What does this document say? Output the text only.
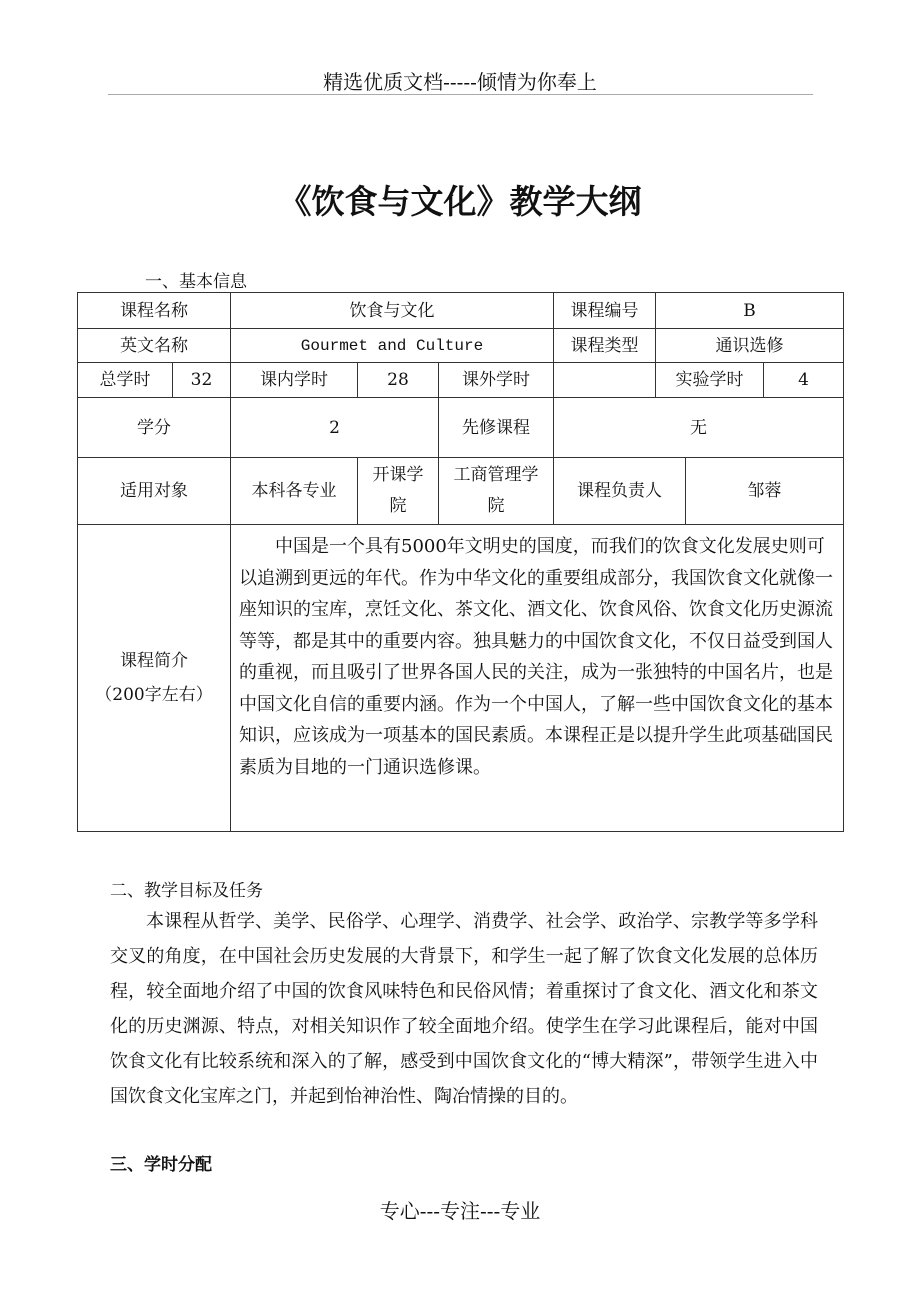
精选优质文档-----倾情为你奉上
《饮食与文化》教学大纲
一、基本信息
课程名称		饮食与文化			课程编号	B		
英文名称		Gourmet and Culture			课程类型	通识选修		
总学时	32	课内学时	28	课外学时		实验学时		4
学分		2		先修课程	无			
适用对象		本科各专业	开课学院	工商管理学院	课程负责人		邹蓉	

课程简介
（200字左右）		中国是一个具有5000年文明史的国度，而我们的饮食文化发展史则可以追溯到更远的年代。作为中华文化的重要组成部分，我国饮食文化就像一座知识的宝库，烹饪文化、茶文化、酒文化、饮食风俗、饮食文化历史源流等等，都是其中的重要内容。独具魅力的中国饮食文化，不仅日益受到国人的重视，而且吸引了世界各国人民的关注，成为一张独特的中国名片，也是中国文化自信的重要内涵。作为一个中国人，了解一些中国饮食文化的基本知识，应该成为一项基本的国民素质。本课程正是以提升学生此项基础国民素质为目地的一门通识选修课。						
二、教学目标及任务
本课程从哲学、美学、民俗学、心理学、消费学、社会学、政治学、宗教学等多学科交叉的角度，在中国社会历史发展的大背景下，和学生一起了解了饮食文化发展的总体历程，较全面地介绍了中国的饮食风味特色和民俗风情；着重探讨了食文化、酒文化和茶文化的历史渊源、特点，对相关知识作了较全面地介绍。使学生在学习此课程后，能对中国饮食文化有比较系统和深入的了解，感受到中国饮食文化的“博大精深”，带领学生进入中国饮食文化宝库之门，并起到怡神治性、陶冶情操的目的。
三、学时分配
专心---专注---专业
